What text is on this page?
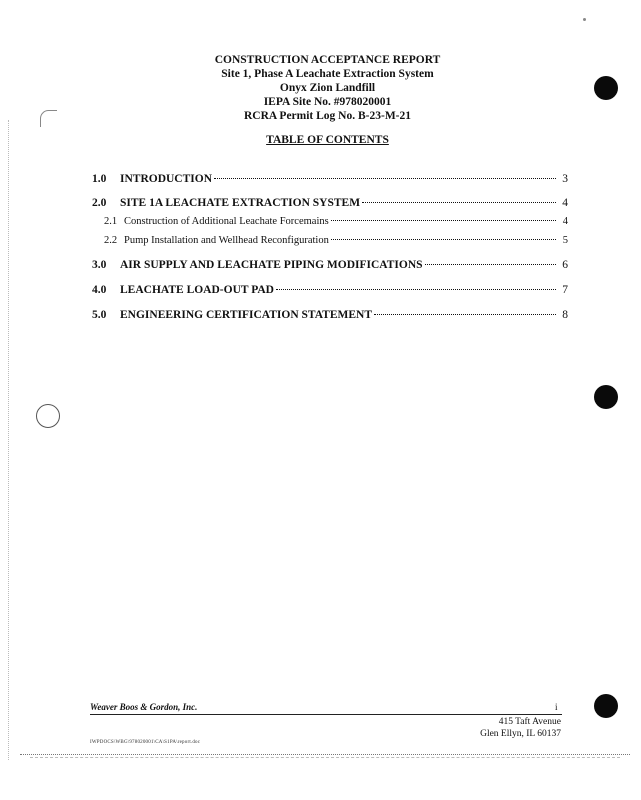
CONSTRUCTION ACCEPTANCE REPORT
Site 1, Phase A Leachate Extraction System
Onyx Zion Landfill
IEPA Site No. #978020001
RCRA Permit Log No. B-23-M-21
TABLE OF CONTENTS
1.0	INTRODUCTION	3
2.0	SITE 1A LEACHATE EXTRACTION SYSTEM	4
2.1 Construction of Additional Leachate Forcemains	4
2.2 Pump Installation and Wellhead Reconfiguration	5
3.0	AIR SUPPLY AND LEACHATE PIPING MODIFICATIONS	6
4.0	LEACHATE LOAD-OUT PAD	7
5.0	ENGINEERING CERTIFICATION STATEMENT	8
Weaver Boos & Gordon, Inc.	i
415 Taft Avenue
Glen Ellyn, IL 60137
IWPDOCS\WBG\978020001\CA\S1PA\report.doc
